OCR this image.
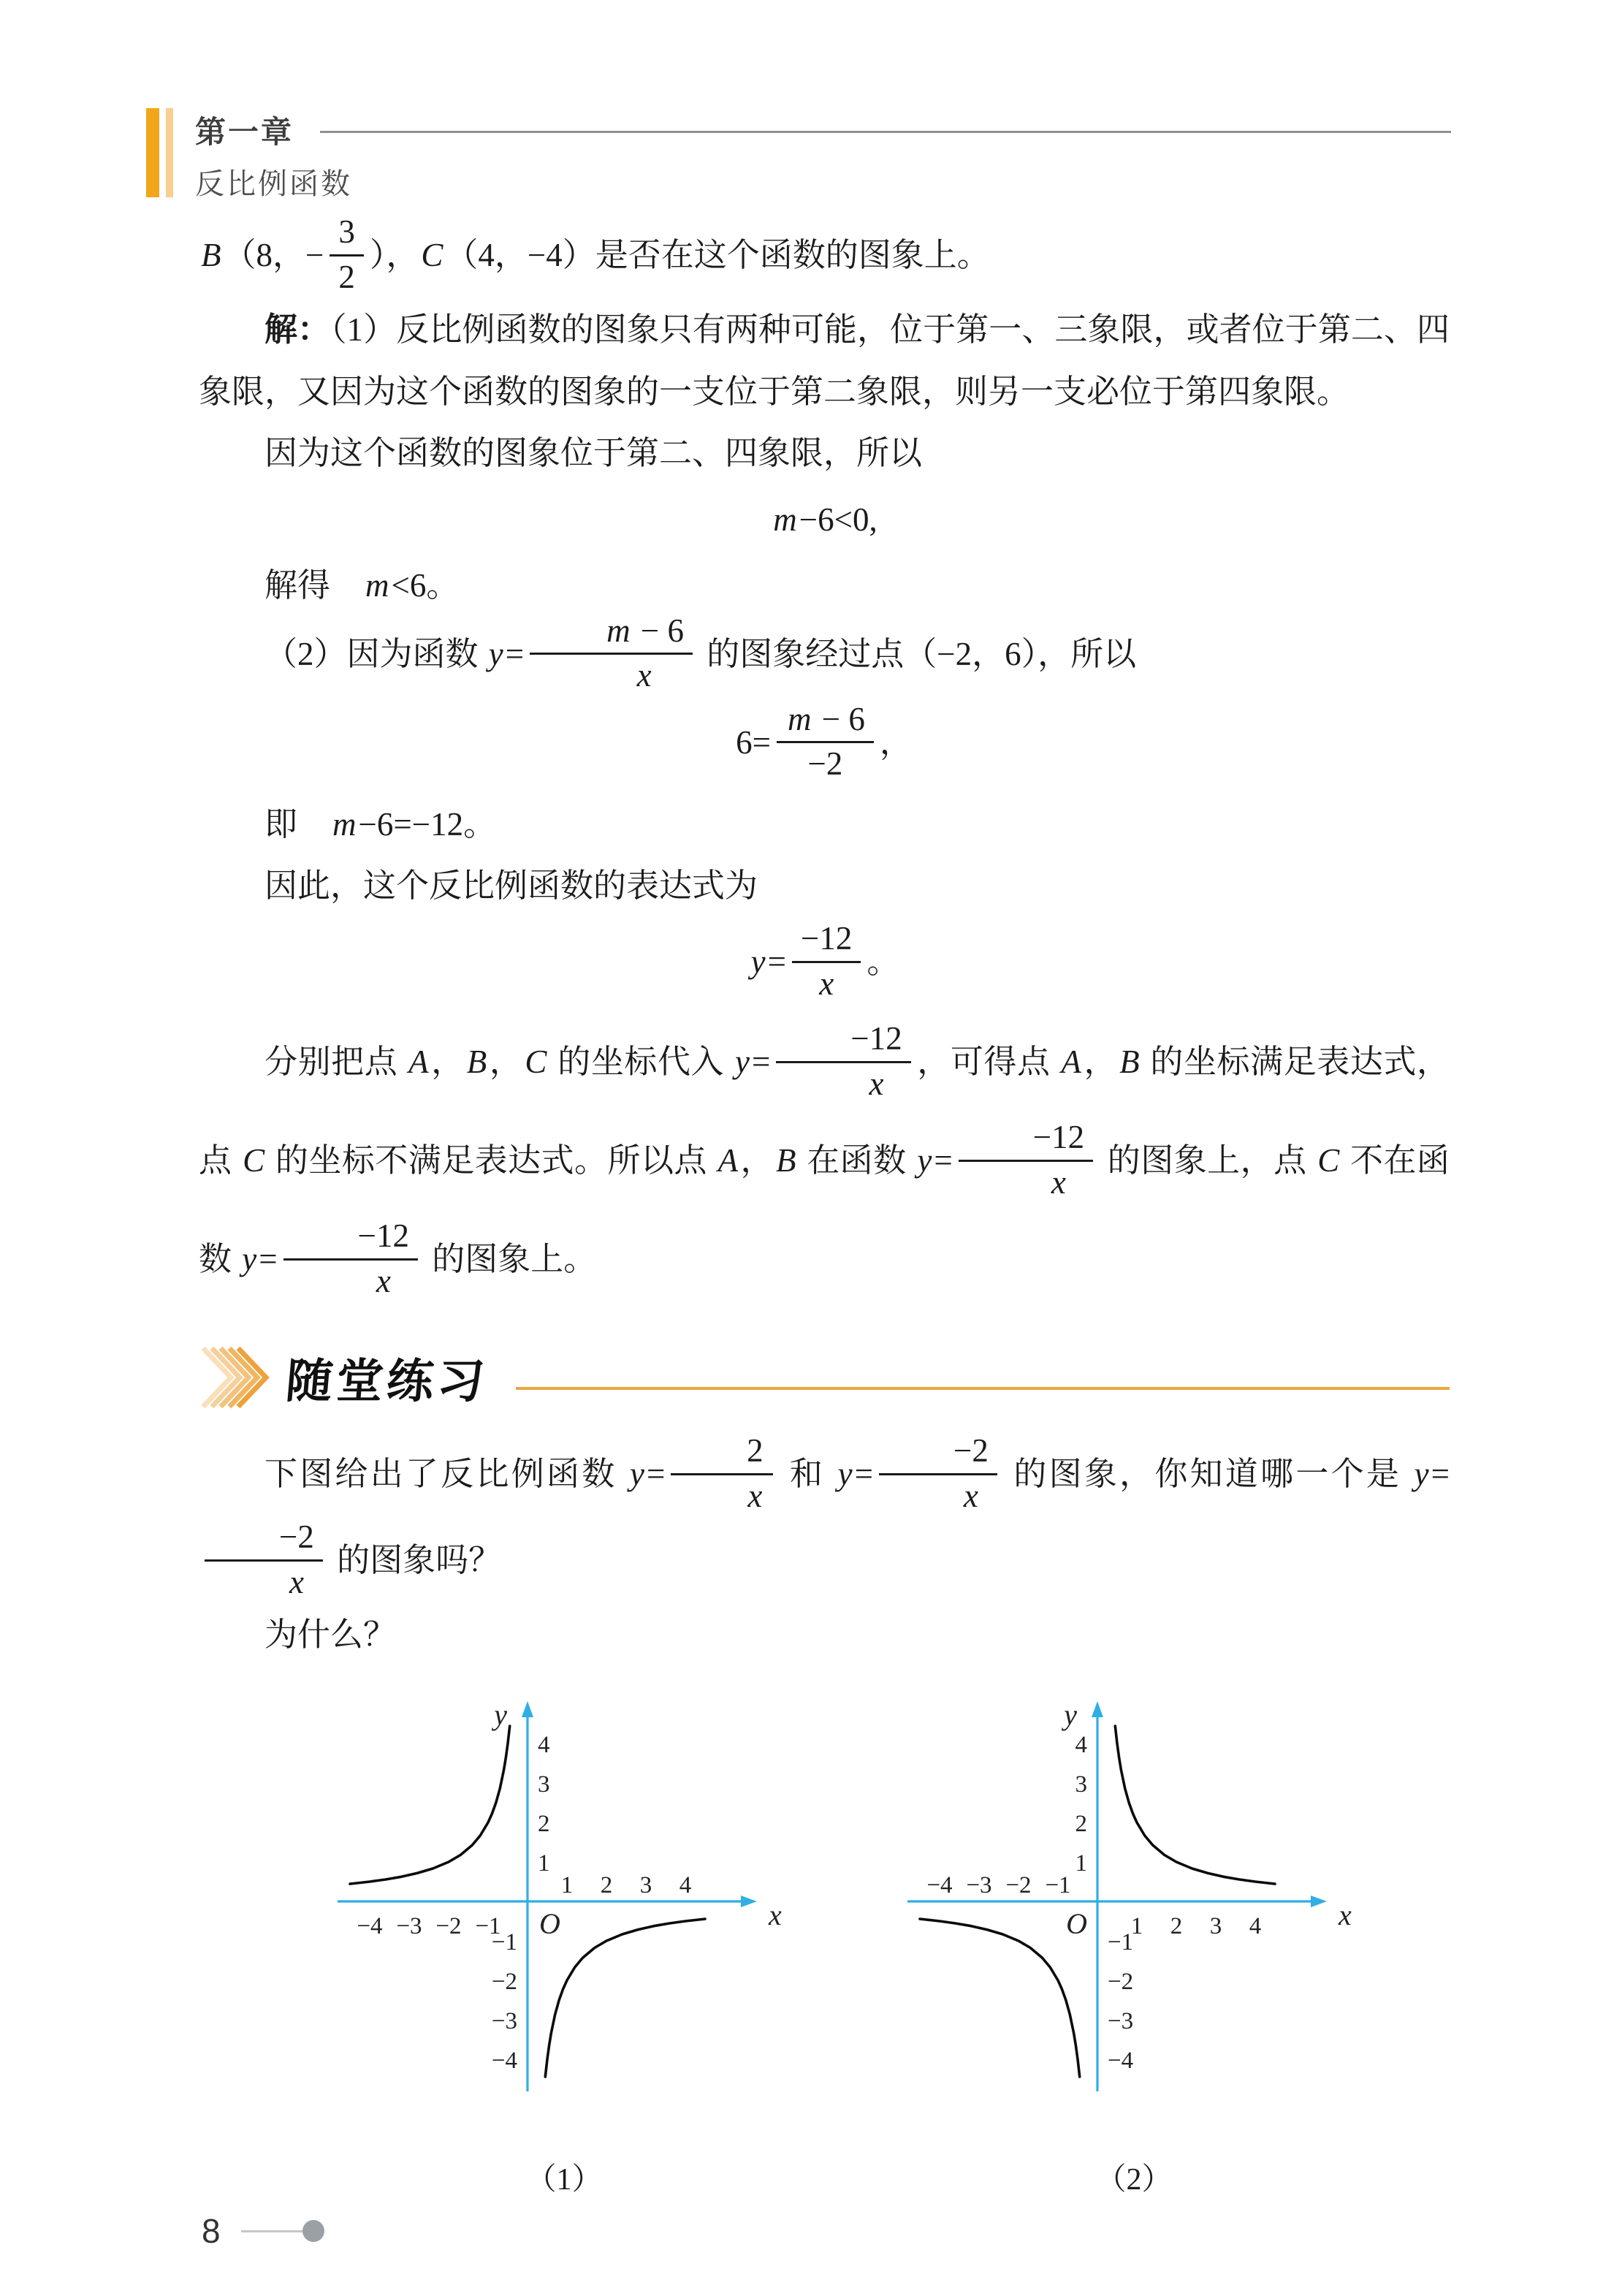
第一章
反比例函数

B（8，− $\frac{3}{2}$ ），C（4，−4）是否在这个函数的图象上。

解：（1）反比例函数的图象只有两种可能，位于第一、三象限，或者位于第二、四象限，又因为这个函数的图象的一支位于第二象限，则另一支必位于第四象限。

因为这个函数的图象位于第二、四象限，所以

m−6<0,

解得　m<6。

（2）因为函数 $y= \frac{m - 6}{x}$ 的图象经过点（−2，6），所以

$6= \frac{m - 6}{-2}$ ，

即　m−6=−12。

因此，这个反比例函数的表达式为

$y= \frac{-12}{x}$ 。

分别把点 A，B，C 的坐标代入 $y= \frac{-12}{x}$ ，可得点 A，B 的坐标满足表达式，点 C 的坐标不满足表达式。所以点 A，B 在函数 $y= \frac{-12}{x}$ 的图象上，点 C 不在函数 $y= \frac{-12}{x}$ 的图象上。

随堂练习

下图给出了反比例函数 $y= \frac{2}{x}$ 和 $y= \frac{-2}{x}$ 的图象，你知道哪一个是 y=
$\frac{-2}{x}$ 的图象吗？

为什么？

y
x
O
4
3
2
1
−1
−2
−3
−4
1 2 3 4
−4 −3 −2 −1
（1）
y
x
O
4
3
2
1
−1
−2
−3
−4
−4 −3 −2 −1
1 2 3 4
（2）
8
